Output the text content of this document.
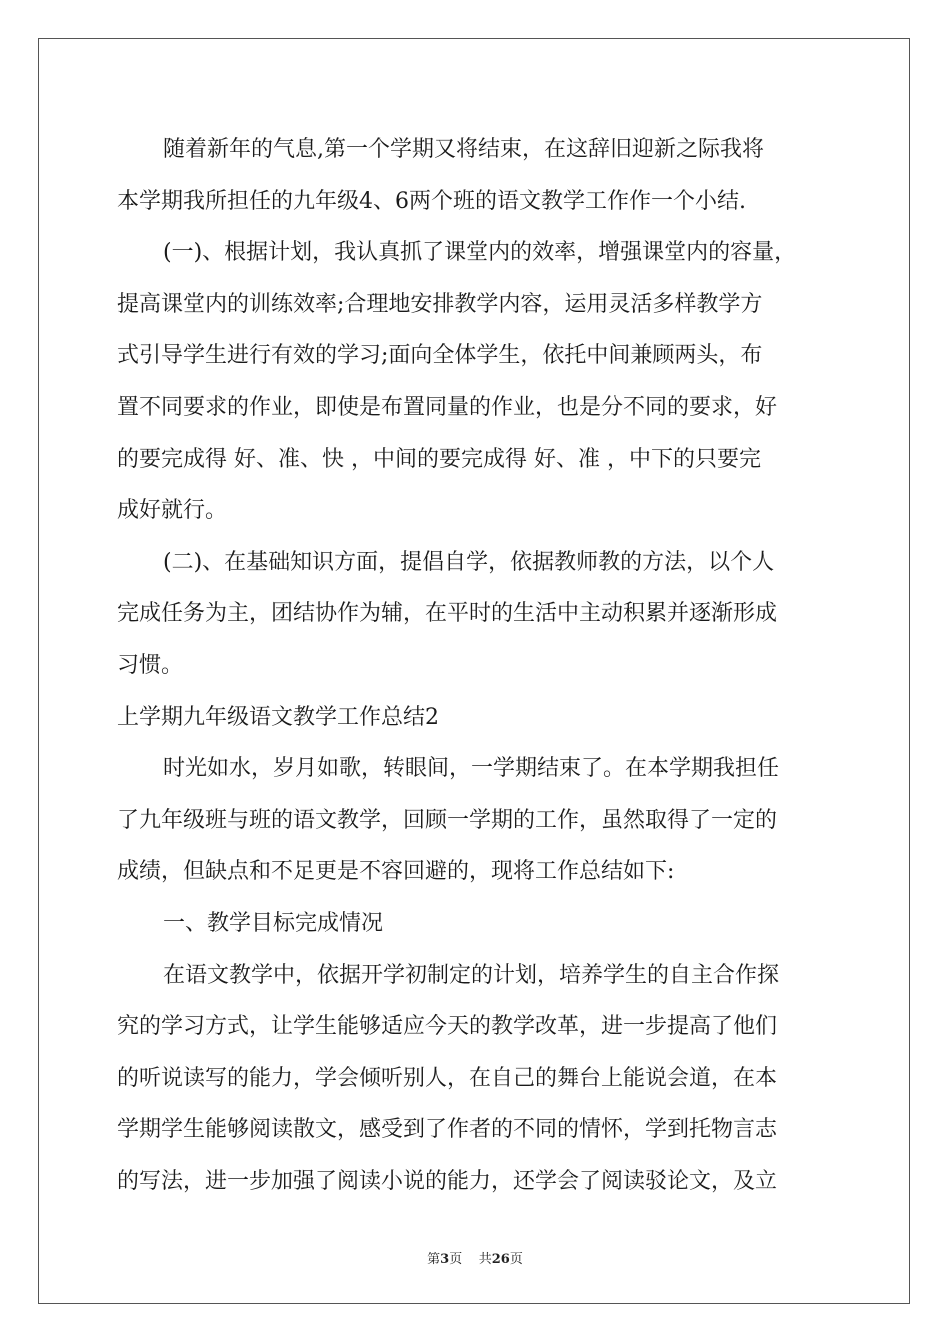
随着新年的气息,第一个学期又将结束，在这辞旧迎新之际我将
本学期我所担任的九年级4、6两个班的语文教学工作作一个小结.
(一)、根据计划，我认真抓了课堂内的效率，增强课堂内的容量，
提高课堂内的训练效率;合理地安排教学内容，运用灵活多样教学方
式引导学生进行有效的学习;面向全体学生，依托中间兼顾两头，布
置不同要求的作业，即使是布置同量的作业，也是分不同的要求，好
的要完成得 好、准、快 ，中间的要完成得 好、准 ，中下的只要完
成好就行。
(二)、在基础知识方面，提倡自学，依据教师教的方法，以个人
完成任务为主，团结协作为辅，在平时的生活中主动积累并逐渐形成
习惯。
上学期九年级语文教学工作总结2
时光如水，岁月如歌，转眼间，一学期结束了。在本学期我担任
了九年级班与班的语文教学，回顾一学期的工作，虽然取得了一定的
成绩，但缺点和不足更是不容回避的，现将工作总结如下:
一、教学目标完成情况
在语文教学中，依据开学初制定的计划，培养学生的自主合作探
究的学习方式，让学生能够适应今天的教学改革，进一步提高了他们
的听说读写的能力，学会倾听别人，在自己的舞台上能说会道，在本
学期学生能够阅读散文，感受到了作者的不同的情怀，学到托物言志
的写法，进一步加强了阅读小说的能力，还学会了阅读驳论文，及立
第3页 共26页
